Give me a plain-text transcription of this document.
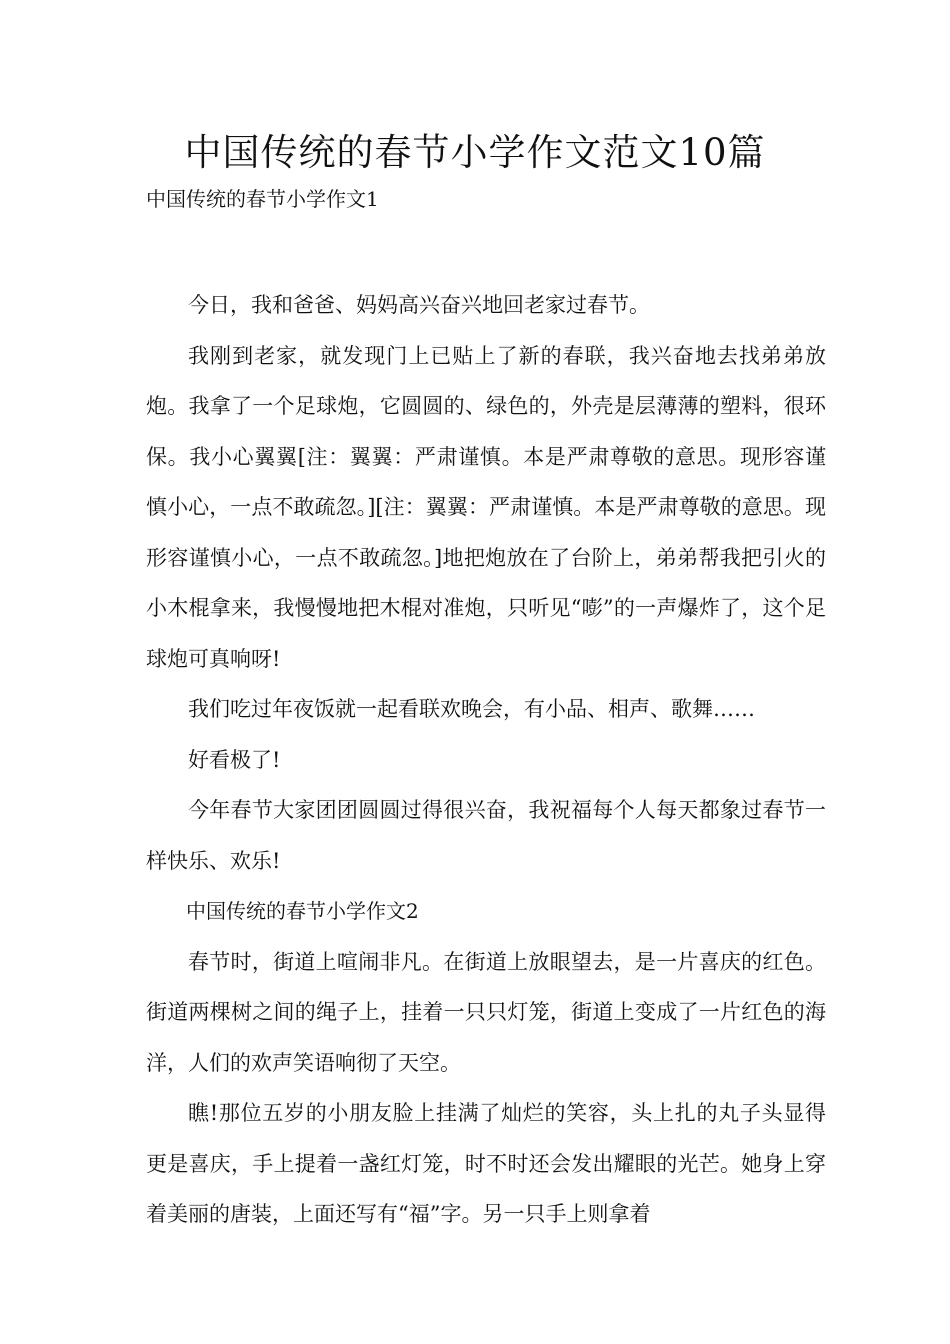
中国传统的春节小学作文范文10篇

中国传统的春节小学作文1

今日，我和爸爸、妈妈高兴奋兴地回老家过春节。

我刚到老家，就发现门上已贴上了新的春联，我兴奋地去找弟弟放炮。我拿了一个足球炮，它圆圆的、绿色的，外壳是层薄薄的塑料，很环保。我小心翼翼[注：翼翼：严肃谨慎。本是严肃尊敬的意思。现形容谨慎小心，一点不敢疏忽。][注：翼翼：严肃谨慎。本是严肃尊敬的意思。现形容谨慎小心，一点不敢疏忽。]地把炮放在了台阶上，弟弟帮我把引火的小木棍拿来，我慢慢地把木棍对准炮，只听见“嘭”的一声爆炸了，这个足球炮可真响呀!

我们吃过年夜饭就一起看联欢晚会，有小品、相声、歌舞……

好看极了!

今年春节大家团团圆圆过得很兴奋，我祝福每个人每天都象过春节一样快乐、欢乐!

中国传统的春节小学作文2

春节时，街道上喧闹非凡。在街道上放眼望去，是一片喜庆的红色。街道两棵树之间的绳子上，挂着一只只灯笼，街道上变成了一片红色的海洋，人们的欢声笑语响彻了天空。

瞧!那位五岁的小朋友脸上挂满了灿烂的笑容，头上扎的丸子头显得更是喜庆，手上提着一盏红灯笼，时不时还会发出耀眼的光芒。她身上穿着美丽的唐装，上面还写有“福”字。另一只手上则拿着
